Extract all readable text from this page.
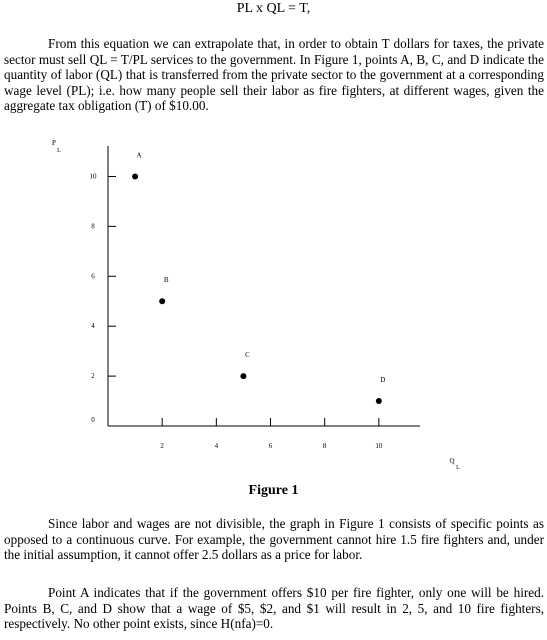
PL x QL = T,

From this equation we can extrapolate that, in order to obtain T dollars for taxes, the private sector must sell QL = T/PL services to the government. In Figure 1, points A, B, C, and D indicate the quantity of labor (QL) that is transferred from the private sector to the government at a corresponding wage level (PL); i.e. how many people sell their labor as fire fighters, at different wages, given the aggregate tax obligation (T) of $10.00.

0
2
4
6
8
10
2	4	6	8	10
P
L
Q
L
A
B
C
D
Figure 1

Since labor and wages are not divisible, the graph in Figure 1 consists of specific points as opposed to a continuous curve. For example, the government cannot hire 1.5 fire fighters and, under the initial assumption, it cannot offer 2.5 dollars as a price for labor.

Point A indicates that if the government offers $10 per fire fighter, only one will be hired. Points B, C, and D show that a wage of $5, $2, and $1 will result in 2, 5, and 10 fire fighters, respectively. No other point exists, since H(nfa)=0.
